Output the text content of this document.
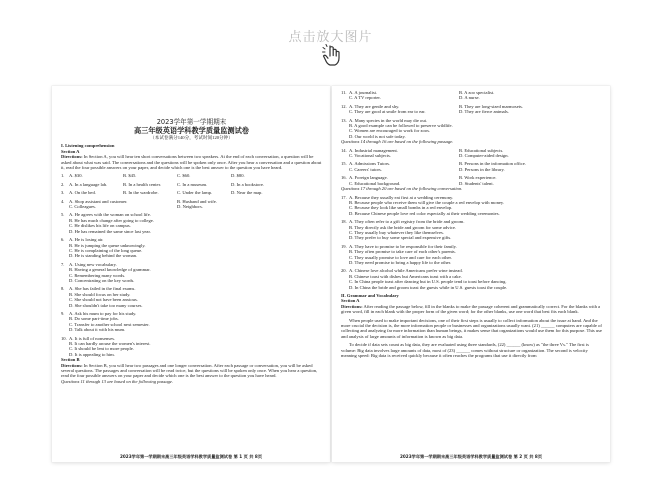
点击放大图片
2023学年第一学期期末
高三年级英语学科教学质量监测试卷
（本试卷满分140分，考试时间120分钟）
I. Listening comprehension
Section A
Directions: In Section A, you will hear ten short conversations between two speakers. At the end of each conversation, a question will be asked about what was said. The conversations and the questions will be spoken only once. After you hear a conversation and a question about it, read the four possible answers on your paper, and decide which one is the best answer to the question you have heard.
1. A. $30.	B. $45.	C. $60.	D. $80.
2. A. In a language lab.	B. In a health center.	C. In a museum.	D. In a bookstore.
3. A. On the bed.	B. In the wardrobe.	C. Under the lamp.	D. Near the map.
4. A. Shop assistant and customer.	B. Husband and wife.
C. Colleagues.	D. Neighbors.
5. A. He agrees with the woman on school life.
B. He has much change after going to college.
C. He dislikes his life on campus.
D. He has remained the same since last year.
6. A. He is losing air.
B. He is jumping the queue unknowingly.
C. He is complaining of the long queue.
D. He is standing behind the woman.
7. A. Using new vocabulary.
B. Having a general knowledge of grammar.
C. Remembering many words.
D. Concentrating on the key words.
8. A. She has failed in the final exams.
B. She should focus on her study.
C. She should not have been anxious.
D. She shouldn't take too many courses.
9. A. Ask his mum to pay for his study.
B. Do some part-time jobs.
C. Transfer to another school next semester.
D. Talk about it with his mum.
10. A. It is full of nonsenses.
B. It can hardly arouse the women's interest.
C. It should be lent to more people.
D. It is appealing to him.
Section B
Directions: In Section B, you will hear two passages and one longer conversation. After each passage or conversation, you will be asked several questions. The passages and conversation will be read twice, but the questions will be spoken only once. When you hear a question, read the four possible answers on your paper and decide which one is the best answer to the question you have heard.
Questions 11 through 13 are based on the following passage.
2023学年第一学期期末高三年级英语学科教学质量监测试卷 第 1 页 共 8页
11. A. A journalist.	B. A zoo specialist.
C. A TV reporter.	D. A nurse.
12. A. They are gentle and shy.	B. They are long-sized marmosets.
C. They are good at smile from ear to ear.	D. They are fierce animals.
13. A. Many species in the world may die out.
B. A good example can be followed to preserve wildlife.
C. Women are encouraged to work for zoos.
D. Our world is not safe today.
Questions 14 through 16 are based on the following passage.
14. A. Industrial management.	B. Educational subjects.
C. Vocational subjects.	D. Computer-aided design.
15. A. Admissions Tutors.	B. Persons in the information office.
C. Careers' tutors.	D. Persons in the library.
16. A. Foreign language.	B. Work experience.
C. Educational background.	D. Students' talent.
Questions 17 through 20 are based on the following conversation.
17. A. Because they usually eat first at a wedding ceremony.
B. Because people who receive them will give the couple a red envelop with money.
C. Because they look like small bombs in a red envelop.
D. Because Chinese people love red color especially at their wedding ceremonies.
18. A. They often refer to a gift registry from the bride and groom.
B. They directly ask the bride and groom for some advice.
C. They usually buy whatever they like themselves.
D. They prefer to buy some special and expensive gifts.
19. A. They have to promise to be responsible for their family.
B. They often promise to take care of each other's parents.
C. They usually promise to love and care for each other.
D. They need promise to bring a happy life to the other.
20. A. Chinese love alcohol while Americans prefer wine instead.
B. Chinese toast with dishes but Americans toast with a cake.
C. In China people toast after dancing but in U.S. people tend to toast before dancing.
D. In China the bride and groom toast the guests while in U.S. guests toast the couple.
II. Grammar and Vocabulary
Section A
Directions: After reading the passage below, fill in the blanks to make the passage coherent and grammatically correct. For the blanks with a given word, fill in each blank with the proper form of the given word; for the other blanks, use one word that best fits each blank.
When people used to make important decisions, one of their first steps is usually to collect information about the issue at hand. And the more crucial the decision is, the more information people or businesses and organizations usually want. (21) ______ computers are capable of collecting and analyzing far more information than human beings, it makes sense that organizations would use them for this purpose. This use and analysis of large amounts of information is known as big data.
To decide if data sets count as big data, they are evaluated using three standards, (22) ______ (know) as "the three Vs." The first is volume: Big data involves large amounts of data, most of (23) ______ comes without structure or organization. The second is velocity meaning speed: Big data is received quickly because it often reaches the programs that use it directly from
2023学年第一学期期末高三年级英语学科教学质量监测试卷 第 2 页 共 8页
